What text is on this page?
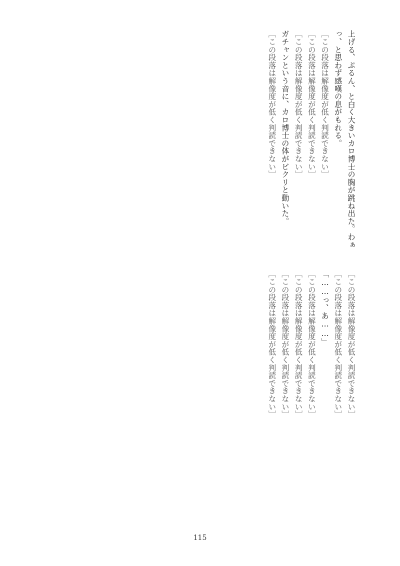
上げる、ぷるん、と白く大きいカロ博士の胸が跳ね出た。わぁっ、と思わず感嘆の息がもれる。

［この段落は解像度が低く判読できない］

［この段落は解像度が低く判読できない］

［この段落は解像度が低く判読できない］

ガチャンという音に、カロ博士の体がビクリと動いた。

［この段落は解像度が低く判読できない］

［この段落は解像度が低く判読できない］

［この段落は解像度が低く判読できない］

「……っ、あ……」

［この段落は解像度が低く判読できない］

［この段落は解像度が低く判読できない］

［この段落は解像度が低く判読できない］

［この段落は解像度が低く判読できない］

115
